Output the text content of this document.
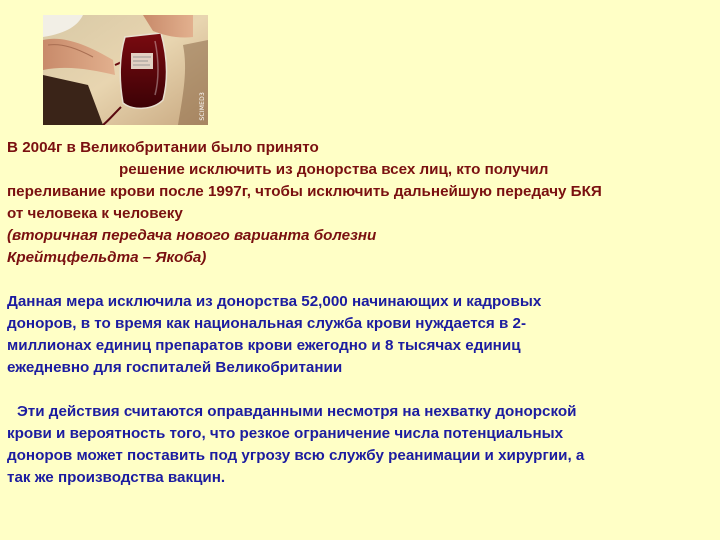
SCIMED3

В 2004г в Великобритании было принято

решение исключить из донорства всех лиц, кто получил

переливание крови после 1997г, чтобы исключить дальнейшую передачу БКЯ

от человека к человеку

(вторичная передача нового варианта болезни

Крейтцфельдта – Якоба)

Данная мера исключила из донорства 52,000 начинающих и кадровых

доноров, в то время как национальная служба крови нуждается в 2-

миллионах единиц препаратов крови ежегодно и 8 тысячах единиц

ежедневно для госпиталей Великобритании

Эти действия считаются оправданными несмотря на нехватку донорской

крови и вероятность того, что резкое ограничение числа потенциальных

доноров может поставить под угрозу всю службу реанимации и хирургии, а

так же производства вакцин.
